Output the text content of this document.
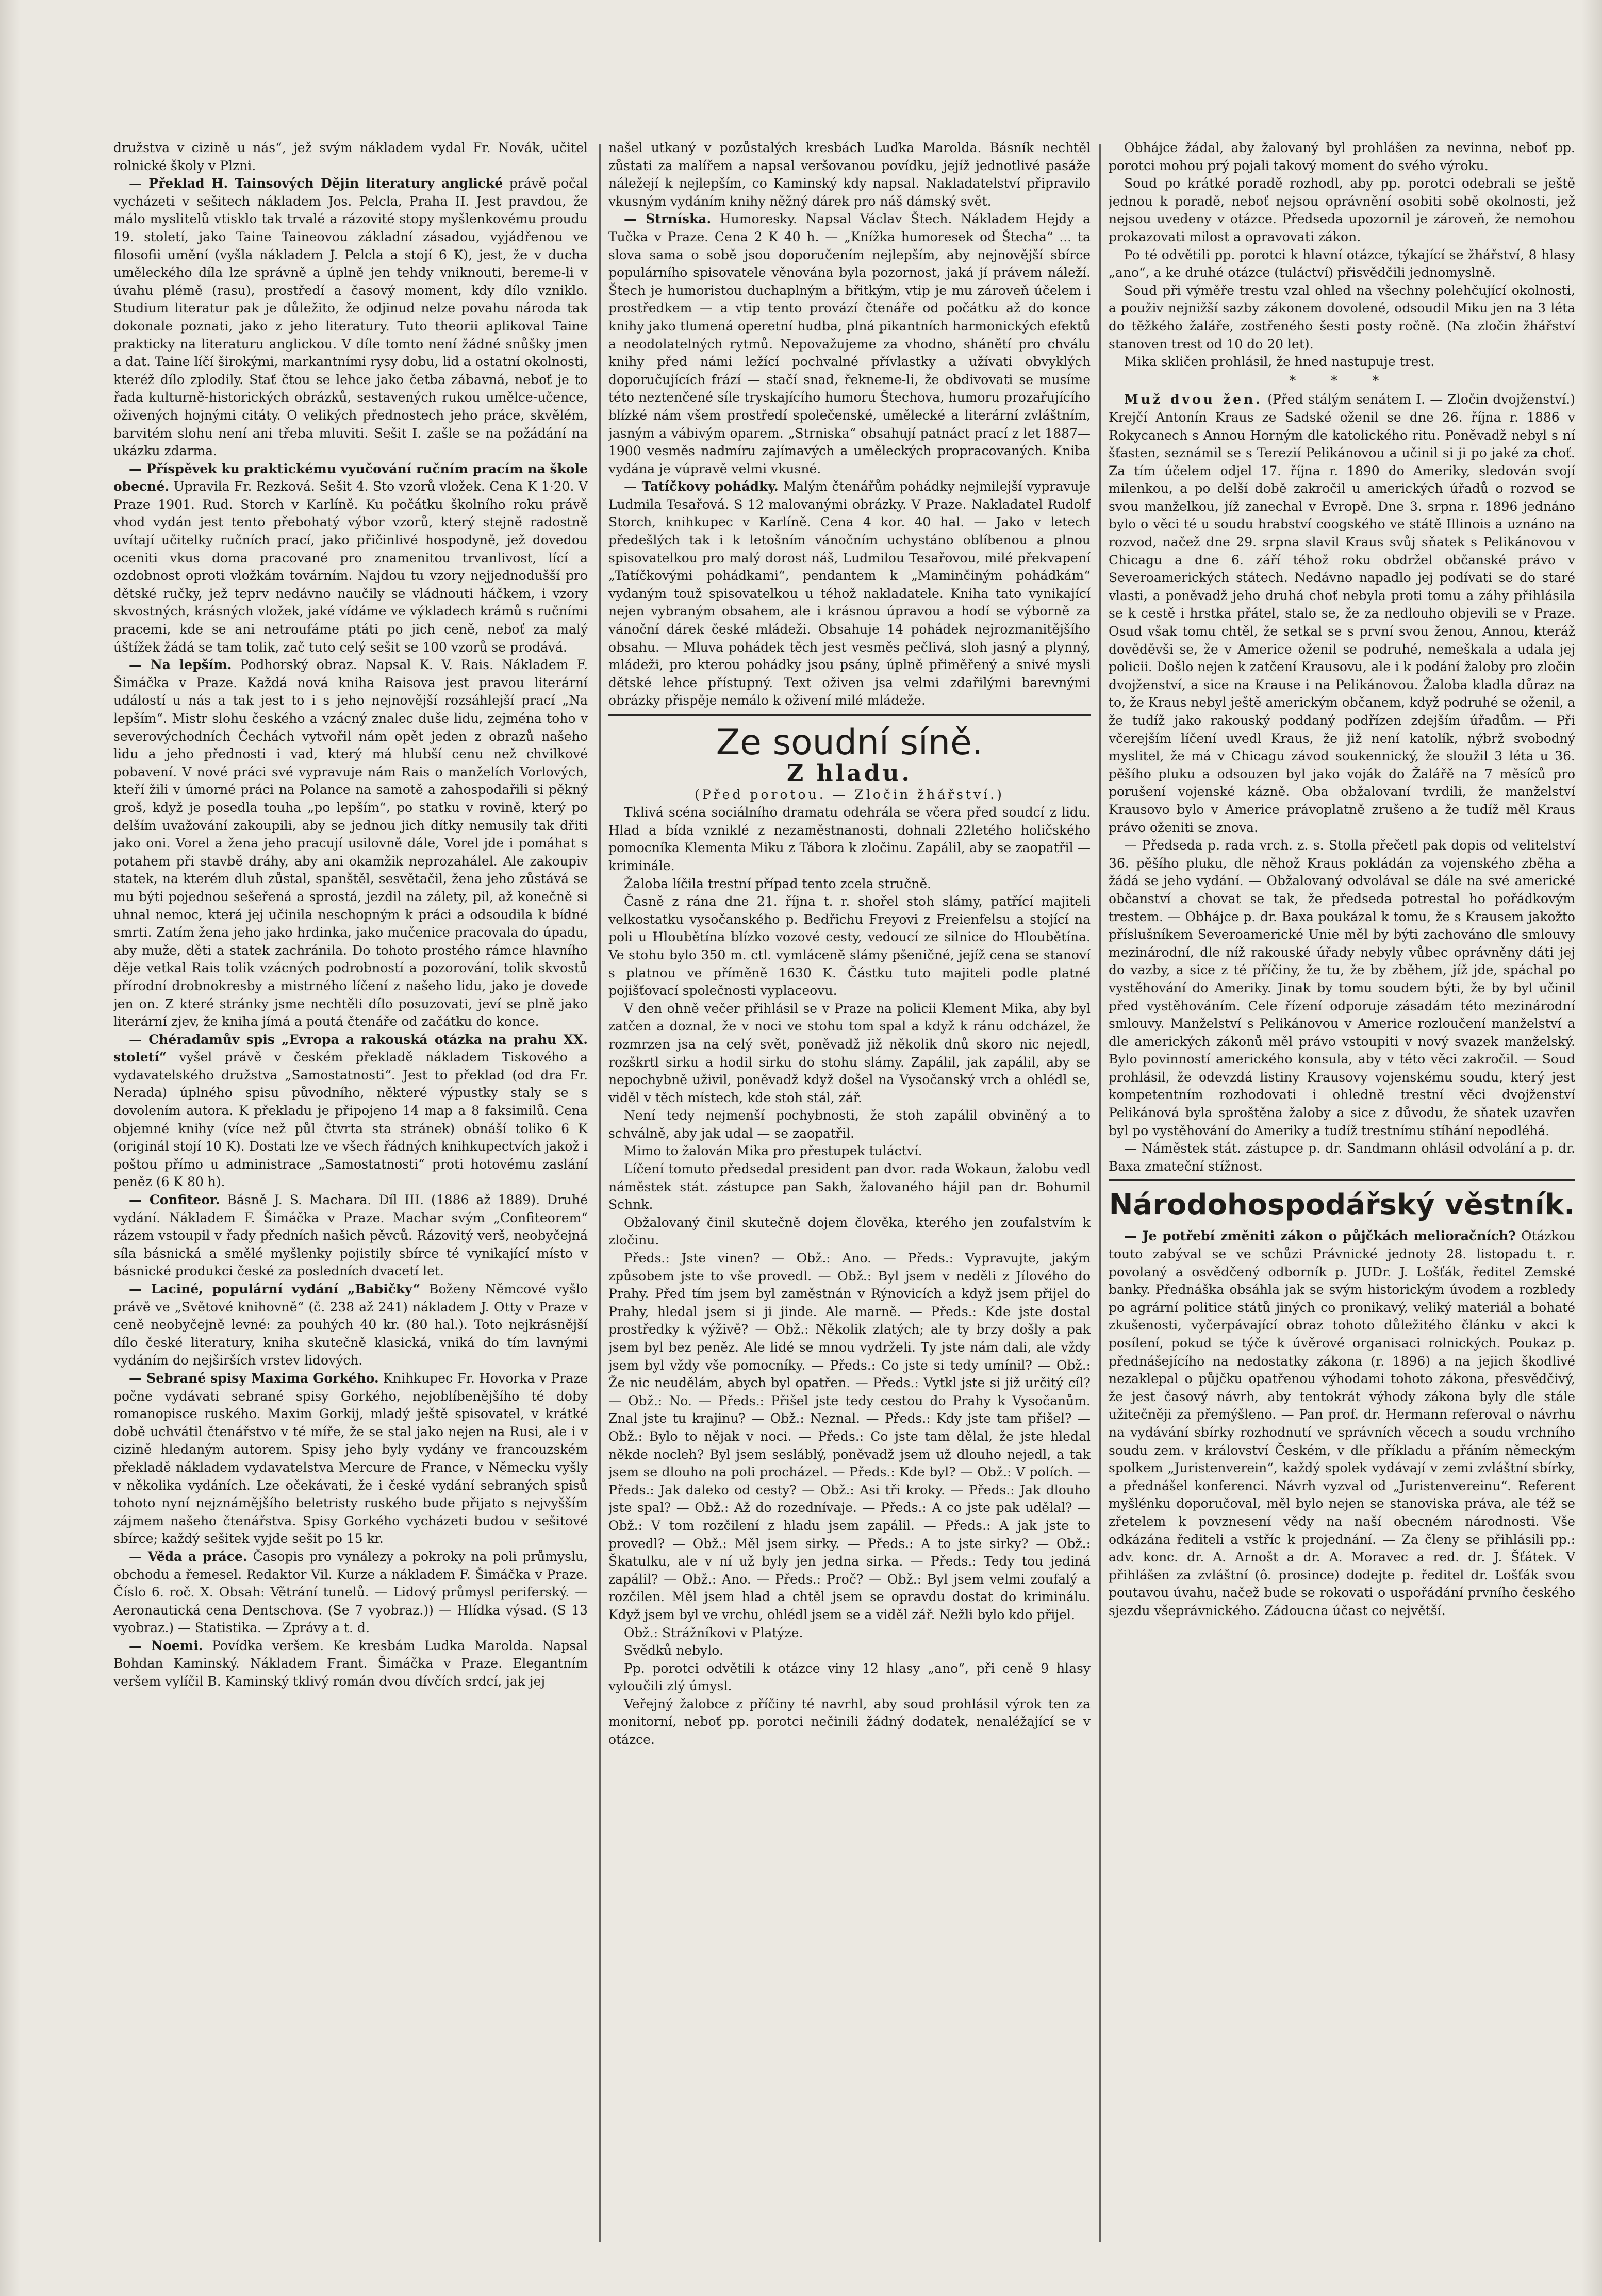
družstva v cizině u nás“, jež svým nákladem vydal Fr. Novák, učitel rolnické školy v Plzni.

— Překlad H. Tainsových Dějin literatury anglické právě počal vycházeti v sešitech nákladem Jos. Pelcla, Praha II. Jest pravdou, že málo myslitelů vtisklo tak trvalé a rázovité stopy myšlenkovému proudu 19. století, jako Taine Taineovou základní zásadou, vyjádřenou ve filosofii umění (vyšla nákladem J. Pelcla a stojí 6 K), jest, že v ducha uměleckého díla lze správně a úplně jen tehdy vniknouti, bereme-li v úvahu plémě (rasu), prostředí a časový moment, kdy dílo vzniklo. Studium literatur pak je důležito, že odjinud nelze povahu národa tak dokonale poznati, jako z jeho literatury. Tuto theorii aplikoval Taine prakticky na literaturu anglickou. V díle tomto není žádné snůšky jmen a dat. Taine líčí širokými, markantními rysy dobu, lid a ostatní okolnosti, kteréž dílo zplodily. Stať čtou se lehce jako četba zábavná, neboť je to řada kulturně-historických obrázků, sestavených rukou umělce-učence, oživených hojnými citáty. O velikých přednostech jeho práce, skvělém, barvitém slohu není ani třeba mluviti. Sešit I. zašle se na požádání na ukázku zdarma.

— Příspěvek ku praktickému vyučování ručním pracím na škole obecné. Upravila Fr. Rezková. Sešit 4. Sto vzorů vložek. Cena K 1·20. V Praze 1901. Rud. Storch v Karlíně. Ku počátku školního roku právě vhod vydán jest tento přebohatý výbor vzorů, který stejně radostně uvítají učitelky ručních prací, jako přičinlivé hospodyně, jež dovedou oceniti vkus doma pracované pro znamenitou trvanlivost, lící a ozdobnost oproti vložkám továrním. Najdou tu vzory nejjednodušší pro dětské ručky, jež teprv nedávno naučily se vládnouti háčkem, i vzory skvostných, krásných vložek, jaké vídáme ve výkladech krámů s ručními pracemi, kde se ani netroufáme ptáti po jich ceně, neboť za malý úštížek žádá se tam tolik, zač tuto celý sešit se 100 vzorů se prodává.

— Na lepším. Podhorský obraz. Napsal K. V. Rais. Nákladem F. Šimáčka v Praze. Každá nová kniha Raisova jest pravou literární událostí u nás a tak jest to i s jeho nejnovější rozsáhlejší prací „Na lepším“. Mistr slohu českého a vzácný znalec duše lidu, zejména toho v severovýchodních Čechách vytvořil nám opět jeden z obrazů našeho lidu a jeho přednosti i vad, který má hlubší cenu než chvilkové pobavení. V nové práci své vypravuje nám Rais o manželích Vorlových, kteří žili v úmorné práci na Polance na samotě a zahospodařili si pěkný groš, když je posedla touha „po lepším“, po statku v rovině, který po delším uvažování zakoupili, aby se jednou jich dítky nemusily tak dřiti jako oni. Vorel a žena jeho pracují usilovně dále, Vorel jde i pomáhat s potahem při stavbě dráhy, aby ani okamžik neprozahálel. Ale zakoupiv statek, na kterém dluh zůstal, spanštěl, sesvětačil, žena jeho zůstává se mu býti pojednou sešeřená a sprostá, jezdil na zálety, pil, až konečně si uhnal nemoc, která jej učinila neschopným k práci a odsoudila k bídné smrti. Zatím žena jeho jako hrdinka, jako mučenice pracovala do úpadu, aby muže, děti a statek zachránila. Do tohoto prostého rámce hlavního děje vetkal Rais tolik vzácných podrobností a pozorování, tolik skvostů přírodní drobnokresby a mistrného líčení z našeho lidu, jako je dovede jen on. Z které stránky jsme nechtěli dílo posuzovati, jeví se plně jako literární zjev, že kniha jímá a poutá čtenáře od začátku do konce.

— Chéradamův spis „Evropa a rakouská otázka na prahu XX. století“ vyšel právě v českém překladě nákladem Tiskového a vydavatelského družstva „Samostatnosti“. Jest to překlad (od dra Fr. Nerada) úplného spisu původního, některé výpustky staly se s dovolením autora. K překladu je připojeno 14 map a 8 faksimilů. Cena objemné knihy (více než půl čtvrta sta stránek) obnáší toliko 6 K (originál stojí 10 K). Dostati lze ve všech řádných knihkupectvích jakož i poštou přímo u administrace „Samostatnosti“ proti hotovému zaslání peněz (6 K 80 h).

— Confiteor. Básně J. S. Machara. Díl III. (1886 až 1889). Druhé vydání. Nákladem F. Šimáčka v Praze. Machar svým „Confiteorem“ rázem vstoupil v řady předních našich pěvců. Rázovitý verš, neobyčejná síla básnická a smělé myšlenky pojistily sbírce té vynikající místo v básnické produkci české za posledních dvacetí let.

— Laciné, populární vydání „Babičky“ Boženy Němcové vyšlo právě ve „Světové knihovně“ (č. 238 až 241) nákladem J. Otty v Praze v ceně neobyčejně levné: za pouhých 40 kr. (80 hal.). Toto nejkrásnější dílo české literatury, kniha skutečně klasická, vniká do tím lavnými vydáním do nejširších vrstev lidových.

— Sebrané spisy Maxima Gorkého. Knihkupec Fr. Hovorka v Praze počne vydávati sebrané spisy Gorkého, nejoblíbenějšího té doby romanopisce ruského. Maxim Gorkij, mladý ještě spisovatel, v krátké době uchvátil čtenářstvo v té míře, že se stal jako nejen na Rusi, ale i v cizině hledaným autorem. Spisy jeho byly vydány ve francouzském překladě nákladem vydavatelstva Mercure de France, v Německu vyšly v několika vydáních. Lze očekávati, že i české vydání sebraných spisů tohoto nyní nejznámějšího beletristy ruského bude přijato s nejvyšším zájmem našeho čtenářstva. Spisy Gorkého vycházeti budou v sešitové sbírce; každý sešitek vyjde sešit po 15 kr.

— Věda a práce. Časopis pro vynálezy a pokroky na poli průmyslu, obchodu a řemesel. Redaktor Vil. Kurze a nákladem F. Šimáčka v Praze. Číslo 6. roč. X. Obsah: Větrání tunelů. — Lidový průmysl periferský. — Aeronautická cena Dentschova. (Se 7 vyobraz.)) — Hlídka výsad. (S 13 vyobraz.) — Statistika. — Zprávy a t. d.

— Noemi. Povídka veršem. Ke kresbám Ludka Marolda. Napsal Bohdan Kaminský. Nákladem Frant. Šimáčka v Praze. Elegantním veršem vylíčil B. Kaminský tklivý román dvou dívčích srdcí, jak jej

našel utkaný v pozůstalých kresbách Luďka Marolda. Básník nechtěl zůstati za malířem a napsal veršovanou povídku, jejíž jednotlivé pasáže náležejí k nejlepším, co Kaminský kdy napsal. Nakladatelství připravilo vkusným vydáním knihy něžný dárek pro náš dámský svět.

— Strníska. Humoresky. Napsal Václav Štech. Nákladem Hejdy a Tučka v Praze. Cena 2 K 40 h. — „Knížka humoresek od Štecha“ ... ta slova sama o sobě jsou doporučením nejlepším, aby nejnovější sbírce populárního spisovatele věnována byla pozornost, jaká jí právem náleží. Štech je humoristou duchaplným a břitkým, vtip je mu zároveň účelem i prostředkem — a vtip tento provází čtenáře od počátku až do konce knihy jako tlumená operetní hudba, plná pikantních harmonických efektů a neodolatelných rytmů. Nepovažujeme za vhodno, shánětí pro chválu knihy před námi ležící pochvalné přívlastky a užívati obvyklých doporučujících frází — stačí snad, řekneme-li, že obdivovati se musíme této neztenčené síle tryskajícího humoru Štechova, humoru prozařujícího blízké nám všem prostředí společenské, umělecké a literární zvláštním, jasným a vábivým oparem. „Strniska“ obsahují patnáct prací z let 1887—1900 vesměs nadmíru zajímavých a uměleckých propracovaných. Kniba vydána je vúpravě velmi vkusné.

— Tatíčkovy pohádky. Malým čtenářům pohádky nejmilejší vypravuje Ludmila Tesařová. S 12 malovanými obrázky. V Praze. Nakladatel Rudolf Storch, knihkupec v Karlíně. Cena 4 kor. 40 hal. — Jako v letech předešlých tak i k letošním vánočním uchystáno oblíbenou a plnou spisovatelkou pro malý dorost náš, Ludmilou Tesařovou, milé překvapení „Tatíčkovými pohádkami“, pendantem k „Maminčiným pohádkám“ vydaným touž spisovatelkou u téhož nakladatele. Kniha tato vynikající nejen vybraným obsahem, ale i krásnou úpravou a hodí se výborně za vánoční dárek české mládeži. Obsahuje 14 pohádek nejrozmanitějšího obsahu. — Mluva pohádek těch jest vesměs pečlivá, sloh jasný a plynný, mládeži, pro kterou pohádky jsou psány, úplně přiměřený a snivé mysli dětské lehce přístupný. Text oživen jsa velmi zdařilými barevnými obrázky přispěje nemálo k oživení milé mládeže.

Ze soudní síně.
Z hladu.

(Před porotou. — Zločin žhářství.)

Tklivá scéna sociálního dramatu odehrála se včera před soudcí z lidu. Hlad a bída vzniklé z nezaměstnanosti, dohnali 22letého holičského pomocníka Klementa Miku z Tábora k zločinu. Zapálil, aby se zaopatřil — kriminále.

Žaloba líčila trestní případ tento zcela stručně.

Časně z rána dne 21. října t. r. shořel stoh slámy, patřící majiteli velkostatku vysočanského p. Bedřichu Freyovi z Freienfelsu a stojící na poli u Hloubětína blízko vozové cesty, vedoucí ze silnice do Hloubětína. Ve stohu bylo 350 m. ctl. vymláceně slámy pšeničné, jejíž cena se stanoví s platnou ve příměně 1630 K. Částku tuto majiteli podle platné pojišťovací společnosti vyplaceovu.

V den ohně večer přihlásil se v Praze na policii Klement Mika, aby byl zatčen a doznal, že v noci ve stohu tom spal a když k ránu odcházel, že rozmrzen jsa na celý svět, poněvadž již několik dnů skoro nic nejedl, rozškrtl sirku a hodil sirku do stohu slámy. Zapálil, jak zapálil, aby se nepochybně uživil, poněvadž když došel na Vysočanský vrch a ohlédl se, viděl v těch místech, kde stoh stál, zář.

Není tedy nejmenší pochybnosti, že stoh zapálil obviněný a to schválně, aby jak udal — se zaopatřil.

Mimo to žalován Mika pro přestupek tuláctví.

Líčení tomuto předsedal president pan dvor. rada Wokaun, žalobu vedl náměstek stát. zástupce pan Sakh, žalovaného hájil pan dr. Bohumil Schnk.

Obžalovaný činil skutečně dojem člověka, kterého jen zoufalstvím k zločinu.

Předs.: Jste vinen? — Obž.: Ano. — Předs.: Vypravujte, jakým způsobem jste to vše provedl. — Obž.: Byl jsem v neděli z Jílového do Prahy. Před tím jsem byl zaměstnán v Rýnovicích a když jsem přijel do Prahy, hledal jsem si ji jinde. Ale marně. — Předs.: Kde jste dostal prostředky k výživě? — Obž.: Několik zlatých; ale ty brzy došly a pak jsem byl bez peněz. Ale lidé se mnou vydrželi. Ty jste nám dali, ale vždy jsem byl vždy vše pomocníky. — Předs.: Co jste si tedy umínil? — Obž.: Že nic neudělám, abych byl opatřen. — Předs.: Vytkl jste si již určitý cíl? — Obž.: No. — Předs.: Přišel jste tedy cestou do Prahy k Vysočanům. Znal jste tu krajinu? — Obž.: Neznal. — Předs.: Kdy jste tam přišel? — Obž.: Bylo to nějak v noci. — Předs.: Co jste tam dělal, že jste hledal někde nocleh? Byl jsem sesláblý, poněvadž jsem už dlouho nejedl, a tak jsem se dlouho na poli procházel. — Předs.: Kde byl? — Obž.: V polích. — Předs.: Jak daleko od cesty? — Obž.: Asi tři kroky. — Předs.: Jak dlouho jste spal? — Obž.: Až do rozednívaje. — Předs.: A co jste pak udělal? — Obž.: V tom rozčilení z hladu jsem zapálil. — Předs.: A jak jste to provedl? — Obž.: Měl jsem sirky. — Předs.: A to jste sirky? — Obž.: Škatulku, ale v ní už byly jen jedna sirka. — Předs.: Tedy tou jediná zapálil? — Obž.: Ano. — Předs.: Proč? — Obž.: Byl jsem velmi zoufalý a rozčilen. Měl jsem hlad a chtěl jsem se opravdu dostat do kriminálu. Když jsem byl ve vrchu, ohlédl jsem se a viděl zář. Nežli bylo kdo přijel.

Obž.: Strážníkovi v Platýze.

Svědků nebylo.

Pp. porotci odvětili k otázce viny 12 hlasy „ano“, při ceně 9 hlasy vyloučili zlý úmysl.

Veřejný žalobce z příčiny té navrhl, aby soud prohlásil výrok ten za monitorní, neboť pp. porotci nečinili žádný dodatek, nenaléžající se v otázce.

Obhájce žádal, aby žalovaný byl prohlášen za nevinna, neboť pp. porotci mohou prý pojali takový moment do svého výroku.

Soud po krátké poradě rozhodl, aby pp. porotci odebrali se ještě jednou k poradě, neboť nejsou oprávnění osobiti sobě okolnosti, jež nejsou uvedeny v otázce. Předseda upozornil je zároveň, že nemohou prokazovati milost a opravovati zákon.

Po té odvětili pp. porotci k hlavní otázce, týkající se žhářství, 8 hlasy „ano“, a ke druhé otázce (tuláctví) přisvědčili jednomyslně.

Soud při výměře trestu vzal ohled na všechny polehčující okolnosti, a použiv nejnižší sazby zákonem dovolené, odsoudil Miku jen na 3 léta do těžkého žaláře, zostřeného šesti posty ročně. (Na zločin žhářství stanoven trest od 10 do 20 let).

Mika skličen prohlásil, že hned nastupuje trest.

* * *

Muž dvou žen. (Před stálým senátem I. — Zločin dvojženství.) Krejčí Antonín Kraus ze Sadské oženil se dne 26. října r. 1886 v Rokycanech s Annou Horným dle katolického ritu. Poněvadž nebyl s ní šťasten, seznámil se s Terezií Pelikánovou a učinil si ji po jaké za choť. Za tím účelem odjel 17. října r. 1890 do Ameriky, sledován svojí milenkou, a po delší době zakročil u amerických úřadů o rozvod se svou manželkou, jíž zanechal v Evropě. Dne 3. srpna r. 1896 jednáno bylo o věci té u soudu hrabství coogského ve státě Illinois a uznáno na rozvod, načež dne 29. srpna slavil Kraus svůj sňatek s Pelikánovou v Chicagu a dne 6. září téhož roku obdržel občanské právo v Severoamerických státech. Nedávno napadlo jej podívati se do staré vlasti, a poněvadž jeho druhá choť nebyla proti tomu a záhy přihlásila se k cestě i hrstka přátel, stalo se, že za nedlouho objevili se v Praze. Osud však tomu chtěl, že setkal se s první svou ženou, Annou, kteráž dověděvši se, že v Americe oženil se podruhé, nemeškala a udala jej policii. Došlo nejen k zatčení Krausovu, ale i k podání žaloby pro zločin dvojženství, a sice na Krause i na Pelikánovou. Žaloba kladla důraz na to, že Kraus nebyl ještě americkým občanem, když podruhé se oženil, a že tudíž jako rakouský poddaný podřízen zdejším úřadům. — Při včerejším líčení uvedl Kraus, že již není katolík, nýbrž svobodný myslitel, že má v Chicagu závod soukennický, že sloužil 3 léta u 36. pěšího pluku a odsouzen byl jako voják do Žalářě na 7 měsíců pro porušení vojenské kázně. Oba obžalovaní tvrdili, že manželství Krausovo bylo v Americe právoplatně zrušeno a že tudíž měl Kraus právo oženiti se znova.

— Předseda p. rada vrch. z. s. Stolla přečetl pak dopis od velitelství 36. pěšího pluku, dle něhož Kraus pokládán za vojenského zběha a žádá se jeho vydání. — Obžalovaný odvolával se dále na své americké občanství a chovat se tak, že předseda potrestal ho pořádkovým trestem. — Obhájce p. dr. Baxa poukázal k tomu, že s Krausem jakožto příslušníkem Severoamerické Unie měl by býti zachováno dle smlouvy mezinárodní, dle níž rakouské úřady nebyly vůbec oprávněny dáti jej do vazby, a sice z té příčiny, že tu, že by zběhem, jíž jde, spáchal po vystěhování do Ameriky. Jinak by tomu soudem býti, že by byl učinil před vystěhováním. Cele řízení odporuje zásadám této mezinárodní smlouvy. Manželství s Pelikánovou v Americe rozloučení manželství a dle amerických zákonů měl právo vstoupiti v nový svazek manželský. Bylo povinností amerického konsula, aby v této věci zakročil. — Soud prohlásil, že odevzdá listiny Krausovy vojenskému soudu, který jest kompetentním rozhodovati i ohledně trestní věci dvojženství Pelikánová byla sproštěna žaloby a sice z důvodu, že sňatek uzavřen byl po vystěhování do Ameriky a tudíž trestnímu stíhání nepodléhá.

— Náměstek stát. zástupce p. dr. Sandmann ohlásil odvolání a p. dr. Baxa zmateční stížnost.

Národohospodářský věstník.

— Je potřebí změniti zákon o půjčkách melioračních? Otázkou touto zabýval se ve schůzi Právnické jednoty 28. listopadu t. r. povolaný a osvědčený odborník p. JUDr. J. Lošťák, ředitel Zemské banky. Přednáška obsáhla jak se svým historickým úvodem a rozbledy po agrární politice států jiných co pronikavý, veliký materiál a bohaté zkušenosti, vyčerpávající obraz tohoto důležitého článku v akci k posílení, pokud se týče k úvěrové organisaci rolnických. Poukaz p. přednášejícího na nedostatky zákona (r. 1896) a na jejich škodlivé nezaklepal o půjčku opatřenou výhodami tohoto zákona, přesvědčivý, že jest časový návrh, aby tentokrát výhody zákona byly dle stále užitečněji za přemýšleno. — Pan prof. dr. Hermann referoval o návrhu na vydávání sbírky rozhodnutí ve správních věcech a soudu vrchního soudu zem. v království Českém, v dle příkladu a přáním německým spolkem „Juristenverein“, každý spolek vydávají v zemi zvláštní sbírky, a přednášel konferenci. Návrh vyzval od „Juristenvereinu“. Referent myšlénku doporučoval, měl bylo nejen se stanoviska práva, ale též se zřetelem k povznesení vědy na naší obecném národnosti. Vše odkázána řediteli a vstříc k projednání. — Za členy se přihlásili pp.: adv. konc. dr. A. Arnošt a dr. A. Moravec a red. dr. J. Šťátek. V přihlášen za zvláštní (ô. prosince) dodejte p. ředitel dr. Lošťák svou poutavou úvahu, načež bude se rokovati o uspořádání prvního českého sjezdu všeprávnického. Zádoucna účast co největší.
